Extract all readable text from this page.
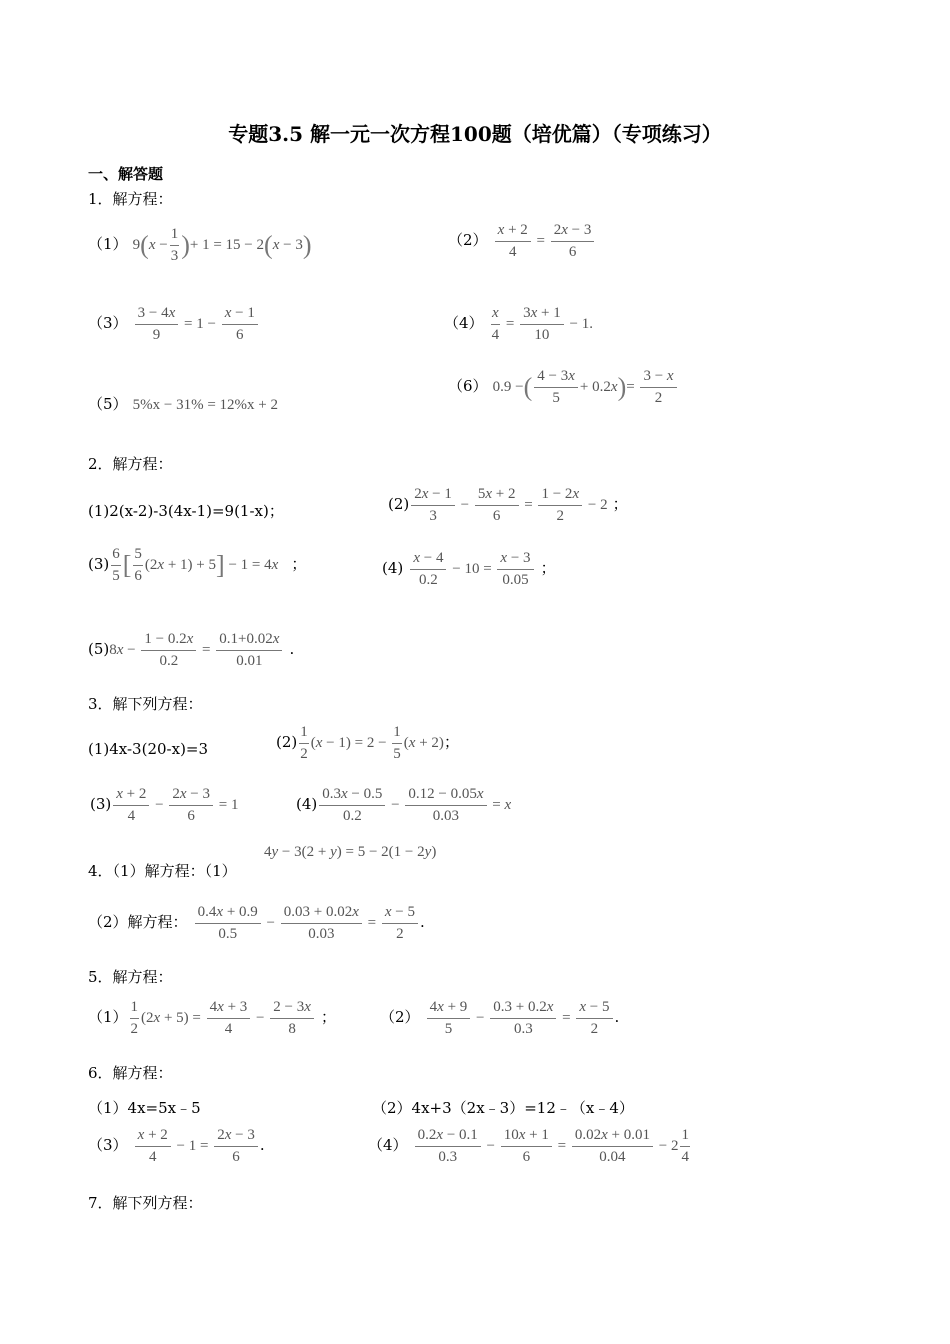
专题3.5 解一元一次方程100题（培优篇）（专项练习）
一、解答题
1．解方程：
（1） $9(x - \frac{1}{3}$ )+ 1 = 15 − 2(x − 3)	$(2) \frac{x + 2}{4} = \frac{2x - 3}{6}$
$(3) \frac{3 - 4x}{9} = 1 - \frac{x - 1}{6}$	$(4) \frac{x}{4} = \frac{3x + 1}{10} - 1$.
（5） 5%x − 31% = 12%x + 2
（6） 0.9 −( $\frac{4 - 3x}{5} + 0.2x)= \frac{3 - x}{2}$
2．解方程：
(1)2(x-2)-3(4x-1)=9(1-x)；	$(2) \frac{2x - 1}{3} - \frac{5x + 2}{6} = \frac{1 - 2x}{2} - 2$ ；
$(3) \frac{6}{5}$ [ $\frac{5}{6} (2x + 1) + 5] - 1 = 4x$ ；	$(4) \frac{x - 4}{0.2} - 10 = \frac{x - 3}{0.05}$ ；
$(5)8x - \frac{1 - 0.2x}{0.2} = \frac{0.1+0.02x}{0.01}$ .
3．解下列方程：
(1)4x-3(20-x)=3	$(2) \frac{1}{2} (x - 1) = 2 - \frac{1}{5} (x + 2)$；
$(3) \frac{x + 2}{4} - \frac{2x - 3}{6} = 1$	$(4) \frac{0.3x - 0.5}{0.2} - \frac{0.12 - 0.05x}{0.03} = x$
4．（1）解方程：（1）
4y − 3(2 + y) = 5 − 2(1 − 2y)
（2）解方程： $\frac{0.4x + 0.9}{0.5} - \frac{0.03 + 0.02x}{0.03} = \frac{x - 5}{2}$ .
5．解方程：
$(1) \frac{1}{2} (2x + 5) = \frac{4x + 3}{4} - \frac{2 - 3x}{8}$ ；	$(2) \frac{4x + 9}{5} - \frac{0.3 + 0.2x}{0.3} = \frac{x - 5}{2}$ .
6．解方程：
（1）4x=5x﹣5	（2）4x+3（2x﹣3）=12﹣（x﹣4）
$(3) \frac{x + 2}{4} - 1 = \frac{2x - 3}{6}$ .	$(4) \frac{0.2x - 0.1}{0.3} - \frac{10x + 1}{6} = \frac{0.02x + 0.01}{0.04} - 2 \frac{1}{4}$
7．解下列方程：
